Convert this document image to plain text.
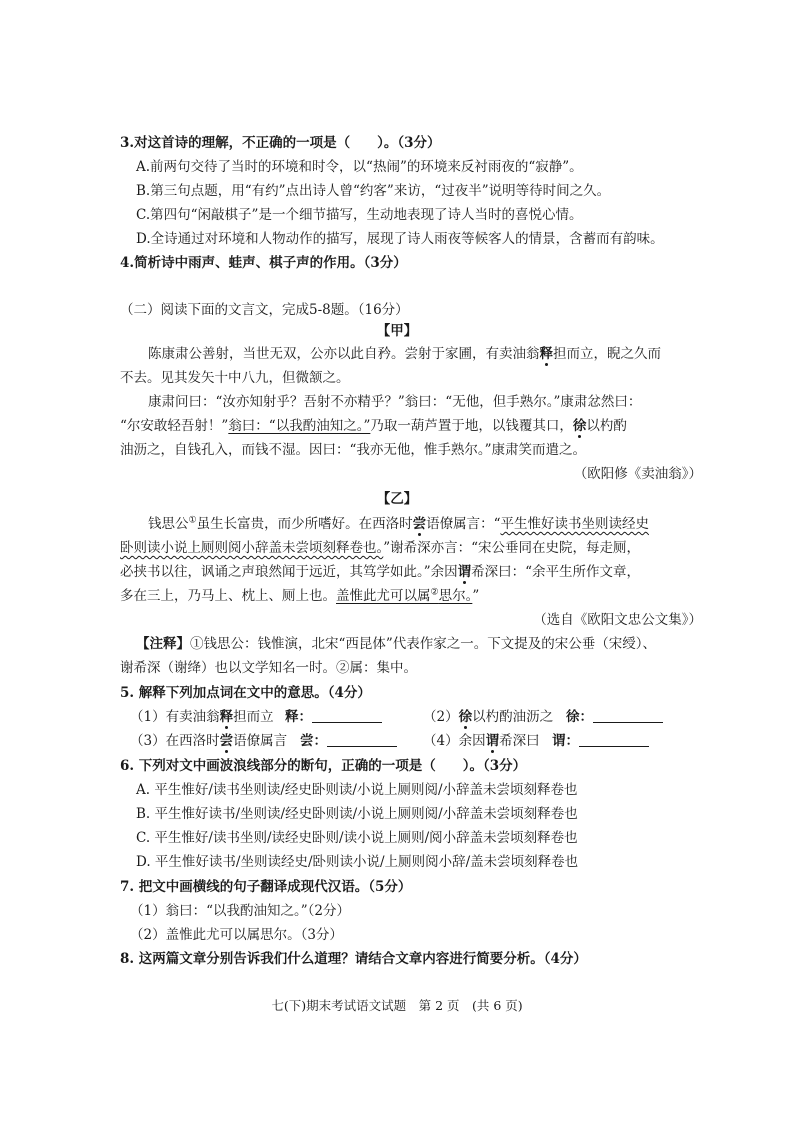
3.对这首诗的理解，不正确的一项是（　　）。（3分）
A.前两句交待了当时的环境和时令，以“热闹”的环境来反衬雨夜的“寂静”。
B.第三句点题，用“有约”点出诗人曾“约客”来访，“过夜半”说明等待时间之久。
C.第四句“闲敲棋子”是一个细节描写，生动地表现了诗人当时的喜悦心情。
D.全诗通过对环境和人物动作的描写，展现了诗人雨夜等候客人的情景，含蓄而有韵味。
4.简析诗中雨声、蛙声、棋子声的作用。（3分）
（二）阅读下面的文言文，完成5-8题。（16分）
【甲】
陈康肃公善射，当世无双，公亦以此自矜。尝射于家圃，有卖油翁释担而立，睨之久而
不去。见其发矢十中八九，但微颔之。
康肃问曰：“汝亦知射乎？吾射不亦精乎？”翁曰：“无他，但手熟尔。”康肃忿然曰：
“尔安敢轻吾射！”翁曰：“以我酌油知之。”乃取一葫芦置于地，以钱覆其口，徐以杓酌
油沥之，自钱孔入，而钱不湿。因曰：“我亦无他，惟手熟尔。”康肃笑而遣之。
（欧阳修《卖油翁》）
【乙】
钱思公①虽生长富贵，而少所嗜好。在西洛时尝语僚属言：“平生惟好读书坐则读经史
卧则读小说上厕则阅小辞盖未尝顷刻释卷也。”谢希深亦言：“宋公垂同在史院，每走厕，
必挟书以往，讽诵之声琅然闻于远近，其笃学如此。”余因谓希深曰：“余平生所作文章，
多在三上，乃马上、枕上、厕上也。盖惟此尤可以属②思尔。”
（选自《欧阳文忠公文集》）
【注释】①钱思公：钱惟演，北宋“西昆体”代表作家之一。下文提及的宋公垂（宋绶）、
谢希深（谢绛）也以文学知名一时。②属：集中。
5. 解释下列加点词在文中的意思。（4分）
（1）有卖油翁释担而立 释：	（2）徐以杓酌油沥之 徐：
（3）在西洛时尝语僚属言 尝：	（4）余因谓希深曰 谓：
6. 下列对文中画波浪线部分的断句，正确的一项是（　　）。（3分）
A. 平生惟好/读书坐则读/经史卧则读/小说上厕则阅/小辞盖未尝顷刻释卷也
B. 平生惟好读书/坐则读/经史卧则读/小说上厕则阅/小辞盖未尝顷刻释卷也
C. 平生惟好/读书坐则/读经史卧则/读小说上厕则/阅小辞盖未尝顷刻释卷也
D. 平生惟好读书/坐则读经史/卧则读小说/上厕则阅小辞/盖未尝顷刻释卷也
7. 把文中画横线的句子翻译成现代汉语。（5分）
（1）翁曰：“以我酌油知之。”（2分）
（2）盖惟此尤可以属思尔。（3分）
8. 这两篇文章分别告诉我们什么道理？请结合文章内容进行简要分析。（4分）
七(下)期末考试语文试题　第 2 页　(共 6 页)
